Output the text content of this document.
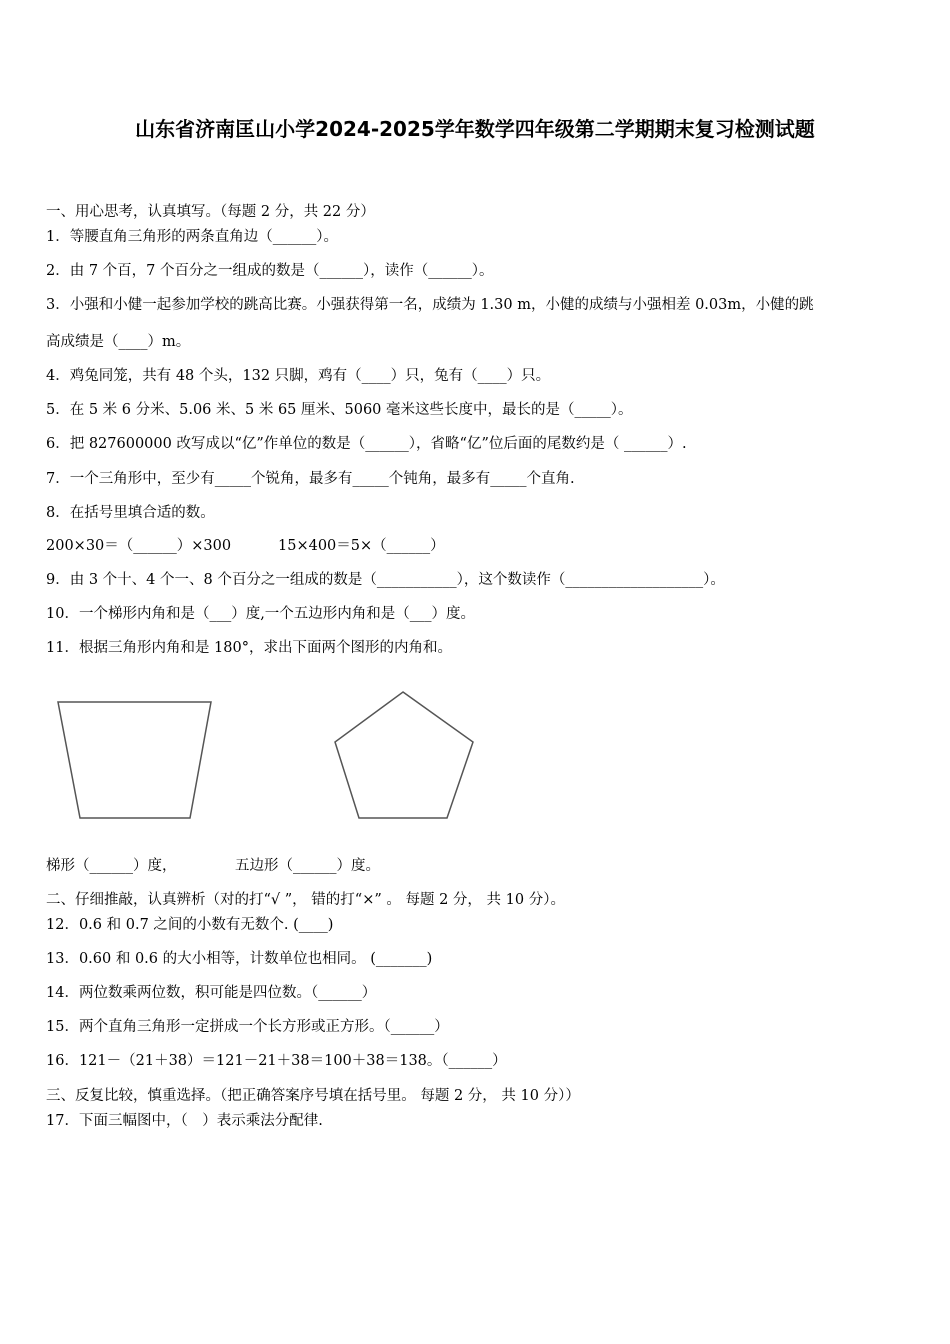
山东省济南匡山小学2024-2025学年数学四年级第二学期期末复习检测试题
一、用心思考，认真填写。（每题 2 分，共 22 分）
1．等腰直角三角形的两条直角边（______）。
2．由 7 个百，7 个百分之一组成的数是（______），读作（______）。
3．小强和小健一起参加学校的跳高比赛。小强获得第一名，成绩为 1.30 m，小健的成绩与小强相差 0.03m，小健的跳
高成绩是（____）m。
4．鸡兔同笼，共有 48 个头，132 只脚，鸡有（____）只，兔有（____）只。
5．在 5 米 6 分米、5.06 米、5 米 65 厘米、5060 毫米这些长度中，最长的是（_____）。
6．把 827600000 改写成以“亿”作单位的数是（______），省略“亿”位后面的尾数约是（ ______）.
7．一个三角形中，至少有_____个锐角，最多有_____个钝角，最多有_____个直角.
8．在括号里填合适的数。
200×30＝（______）×300	15×400＝5×（______）
9．由 3 个十、4 个一、8 个百分之一组成的数是（___________），这个数读作（___________________）。
10．一个梯形内角和是（___）度,一个五边形内角和是（___）度。
11．根据三角形内角和是 180°，求出下面两个图形的内角和。
梯形（______）度，	五边形（______）度。
二、仔细推敲，认真辨析（对的打“√ ”， 错的打“×” 。 每题 2 分， 共 10 分）。
12．0.6 和 0.7 之间的小数有无数个. (____)
13．0.60 和 0.6 的大小相等，计数单位也相同。 (_______)
14．两位数乘两位数，积可能是四位数。（______）
15．两个直角三角形一定拼成一个长方形或正方形。（______）
16．121－（21＋38）＝121－21＋38＝100＋38＝138。（______）
三、反复比较，慎重选择。（把正确答案序号填在括号里。 每题 2 分， 共 10 分））
17．下面三幅图中，（　）表示乘法分配律.
